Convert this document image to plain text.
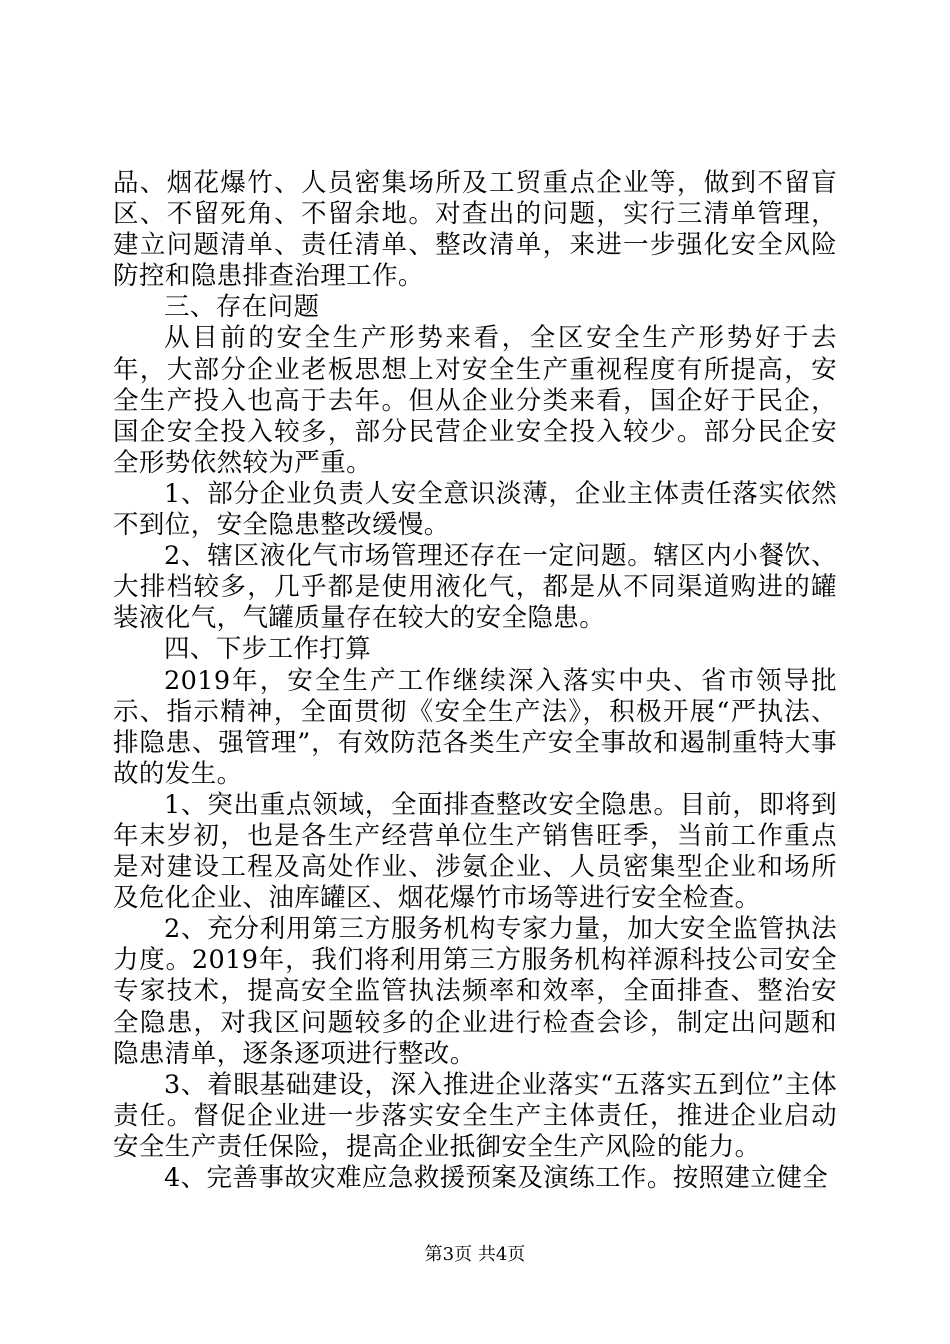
品、烟花爆竹、人员密集场所及工贸重点企业等，做到不留盲区、不留死角、不留余地。对查出的问题，实行三清单管理，建立问题清单、责任清单、整改清单，来进一步强化安全风险防控和隐患排查治理工作。

三、存在问题

从目前的安全生产形势来看，全区安全生产形势好于去年，大部分企业老板思想上对安全生产重视程度有所提高，安全生产投入也高于去年。但从企业分类来看，国企好于民企，国企安全投入较多，部分民营企业安全投入较少。部分民企安全形势依然较为严重。

1、部分企业负责人安全意识淡薄，企业主体责任落实依然不到位，安全隐患整改缓慢。

2、辖区液化气市场管理还存在一定问题。辖区内小餐饮、大排档较多，几乎都是使用液化气，都是从不同渠道购进的罐装液化气，气罐质量存在较大的安全隐患。

四、下步工作打算

2019年，安全生产工作继续深入落实中央、省市领导批示、指示精神，全面贯彻《安全生产法》，积极开展“严执法、排隐患、强管理”，有效防范各类生产安全事故和遏制重特大事故的发生。

1、突出重点领域，全面排查整改安全隐患。目前，即将到年末岁初，也是各生产经营单位生产销售旺季，当前工作重点是对建设工程及高处作业、涉氨企业、人员密集型企业和场所及危化企业、油库罐区、烟花爆竹市场等进行安全检查。

2、充分利用第三方服务机构专家力量，加大安全监管执法力度。2019年，我们将利用第三方服务机构祥源科技公司安全专家技术，提高安全监管执法频率和效率，全面排查、整治安全隐患，对我区问题较多的企业进行检查会诊，制定出问题和隐患清单，逐条逐项进行整改。

3、着眼基础建设，深入推进企业落实“五落实五到位”主体责任。督促企业进一步落实安全生产主体责任，推进企业启动安全生产责任保险，提高企业抵御安全生产风险的能力。

4、完善事故灾难应急救援预案及演练工作。按照建立健全

第3页 共4页
